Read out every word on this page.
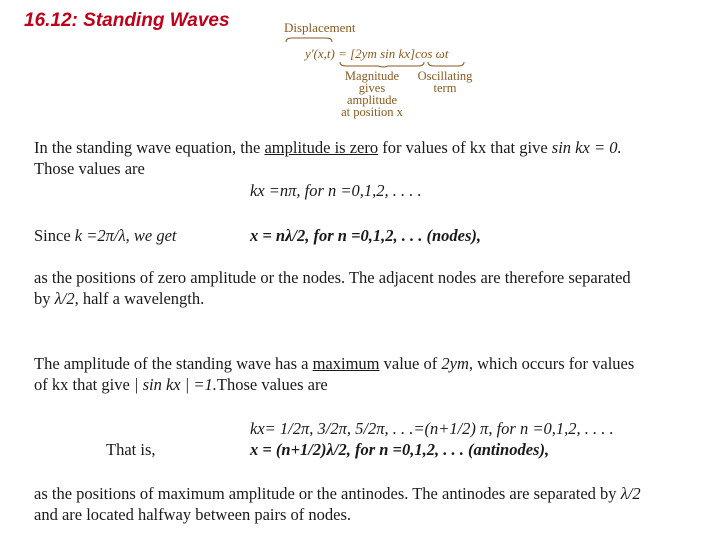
16.12: Standing Waves	Displacement
y'(x,t) = [2ym sin kx]cos ωt
Magnitude
gives
amplitude
at position x
Oscillating
term
In the standing wave equation, the amplitude is zero for values of kx that give sin kx = 0.
Those values are
kx =nπ, for n =0,1,2, . . . .
Since k =2π/λ, we get	x = nλ/2, for n =0,1,2, . . . (nodes),
as the positions of zero amplitude or the nodes. The adjacent nodes are therefore separated
by λ/2, half a wavelength.
The amplitude of the standing wave has a maximum value of 2ym, which occurs for values
of kx that give | sin kx | =1.Those values are
kx= 1/2π, 3/2π, 5/2π, . . .=(n+1/2) π, for n =0,1,2, . . . .
That is,	x = (n+1/2)λ/2, for n =0,1,2, . . . (antinodes),
as the positions of maximum amplitude or the antinodes. The antinodes are separated by λ/2
and are located halfway between pairs of nodes.
